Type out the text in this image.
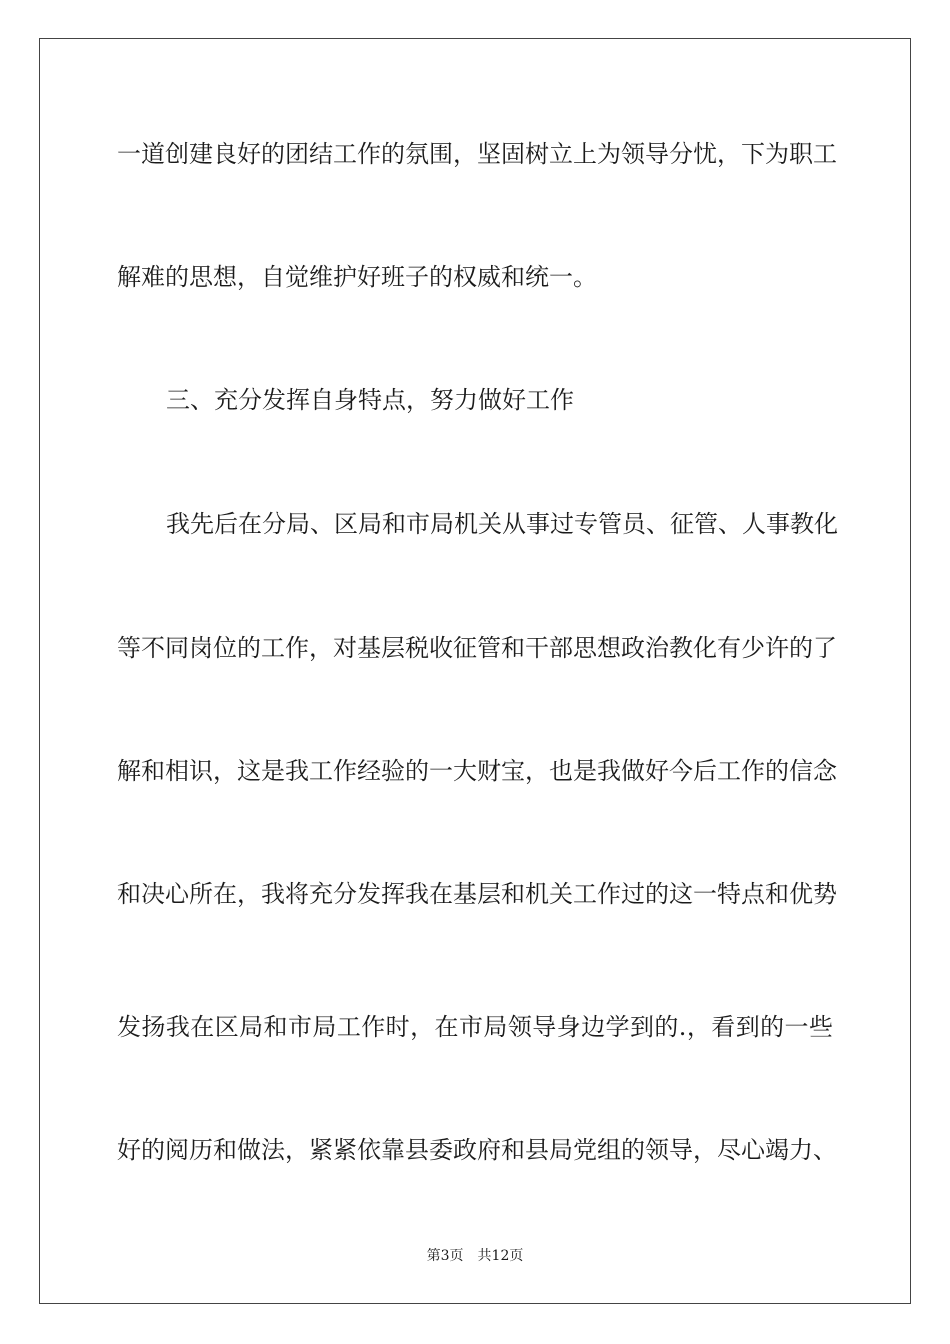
一道创建良好的团结工作的氛围，坚固树立上为领导分忧，下为职工
解难的思想，自觉维护好班子的权威和统一。
三、充分发挥自身特点，努力做好工作
我先后在分局、区局和市局机关从事过专管员、征管、人事教化
等不同岗位的工作，对基层税收征管和干部思想政治教化有少许的了
解和相识，这是我工作经验的一大财宝，也是我做好今后工作的信念
和决心所在，我将充分发挥我在基层和机关工作过的这一特点和优势
发扬我在区局和市局工作时，在市局领导身边学到的.，看到的一些
好的阅历和做法，紧紧依靠县委政府和县局党组的领导，尽心竭力、
第3页 共12页
